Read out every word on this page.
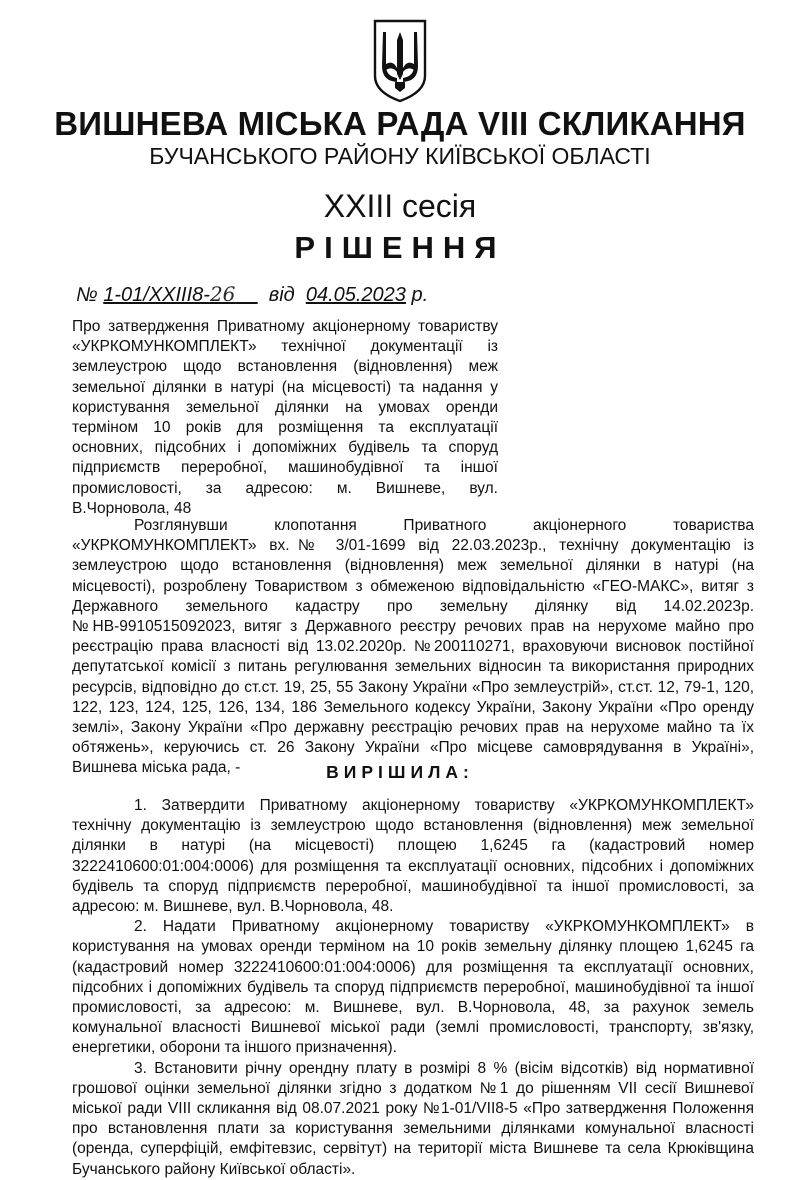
ВИШНЕВА МІСЬКА РАДА VIII СКЛИКАННЯ
БУЧАНСЬКОГО РАЙОНУ КИЇВСЬКОЇ ОБЛАСТІ
XXIII сесія
РІШЕННЯ
№ 1-01/XXIII8-26 від 04.05.2023 р.

Про затвердження Приватному акціонерному товариству «УКРКОМУНКОМПЛЕКТ» технічної документації із землеустрою щодо встановлення (відновлення) меж земельної ділянки в натурі (на місцевості) та надання у користування земельної ділянки на умовах оренди терміном 10 років для розміщення та експлуатації основних, підсобних і допоміжних будівель та споруд підприємств переробної, машинобудівної та іншої промисловості, за адресою: м. Вишневе, вул. В.Чорновола, 48

Розглянувши клопотання Приватного акціонерного товариства «УКРКОМУНКОМПЛЕКТ» вх.№ 3/01-1699 від 22.03.2023р., технічну документацію із землеустрою щодо встановлення (відновлення) меж земельної ділянки в натурі (на місцевості), розроблену Товариством з обмеженою відповідальністю «ГЕО-МАКС», витяг з Державного земельного кадастру про земельну ділянку від 14.02.2023р. №НВ-9910515092023, витяг з Державного реєстру речових прав на нерухоме майно про реєстрацію права власності від 13.02.2020р. №200110271, враховуючи висновок постійної депутатської комісії з питань регулювання земельних відносин та використання природних ресурсів, відповідно до ст.ст. 19, 25, 55 Закону України «Про землеустрій», ст.ст. 12, 79-1, 120, 122, 123, 124, 125, 126, 134, 186 Земельного кодексу України, Закону України «Про оренду землі», Закону України «Про державну реєстрацію речових прав на нерухоме майно та їх обтяжень», керуючись ст. 26 Закону України «Про місцеве самоврядування в Україні», Вишнева міська рада, -	ВИРІШИЛА:

1. Затвердити Приватному акціонерному товариству «УКРКОМУНКОМПЛЕКТ» технічну документацію із землеустрою щодо встановлення (відновлення) меж земельної ділянки в натурі (на місцевості) площею 1,6245 га (кадастровий номер 3222410600:01:004:0006) для розміщення та експлуатації основних, підсобних і допоміжних будівель та споруд підприємств переробної, машинобудівної та іншої промисловості, за адресою: м. Вишневе, вул. В.Чорновола, 48.

2. Надати Приватному акціонерному товариству «УКРКОМУНКОМПЛЕКТ» в користування на умовах оренди терміном на 10 років земельну ділянку площею 1,6245 га (кадастровий номер 3222410600:01:004:0006) для розміщення та експлуатації основних, підсобних і допоміжних будівель та споруд підприємств переробної, машинобудівної та іншої промисловості, за адресою: м. Вишневе, вул. В.Чорновола, 48, за рахунок земель комунальної власності Вишневої міської ради (землі промисловості, транспорту, зв'язку, енергетики, оборони та іншого призначення).

3. Встановити річну орендну плату в розмірі 8 % (вісім відсотків) від нормативної грошової оцінки земельної ділянки згідно з додатком №1 до рішенням VII сесії Вишневої міської ради VIII скликання від 08.07.2021 року №1-01/VII8-5 «Про затвердження Положення про встановлення плати за користування земельними ділянками комунальної власності (оренда, суперфіцій, емфітевзис, сервітут) на території міста Вишневе та села Крюківщина Бучанського району Київської області».
